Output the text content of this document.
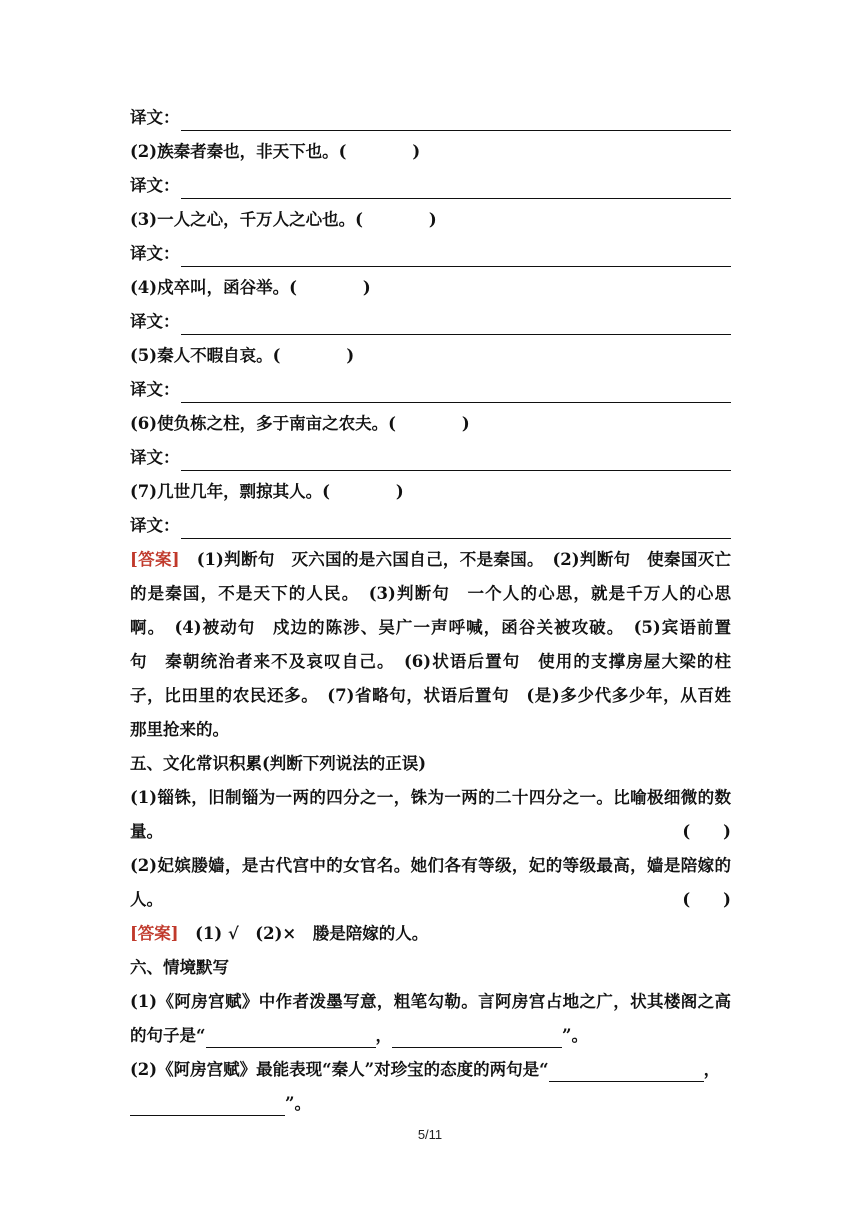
译文：
(2)族秦者秦也，非天下也。(	)
译文：
(3)一人之心，千万人之心也。(	)
译文：
(4)戍卒叫，函谷举。(	)
译文：
(5)秦人不暇自哀。(	)
译文：
(6)使负栋之柱，多于南亩之农夫。(	)
译文：
(7)几世几年，剽掠其人。(	)
译文：
[答案]　 (1)判断句　灭六国的是六国自己，不是秦国。　(2)判断句　使秦国灭亡
的是秦国，不是天下的人民。　(3)判断句　一个人的心思，就是千万人的心思
啊。　(4)被动句　戍边的陈涉、吴广一声呼喊，函谷关被攻破。　(5)宾语前置
句　秦朝统治者来不及哀叹自己。　(6)状语后置句　使用的支撑房屋大梁的柱
子，比田里的农民还多。　(7)省略句，状语后置句　(是)多少代多少年，从百姓
那里抢来的。
五、文化常识积累(判断下列说法的正误)
(1)锱铢，旧制锱为一两的四分之一，铢为一两的二十四分之一。比喻极细微的数
量。	(　　)
(2)妃嫔媵嫱，是古代宫中的女官名。她们各有等级，妃的等级最高，嫱是陪嫁的
人。	(　　)
[答案]　 (1) √　(2)×　媵是陪嫁的人。
六、情境默写
(1)《阿房宫赋》中作者泼墨写意，粗笔勾勒。言阿房宫占地之广，状其楼阁之高
的句子是“	，	”。
(2)《阿房宫赋》最能表现“秦人”对珍宝的态度的两句是“	，
”。
5/11
